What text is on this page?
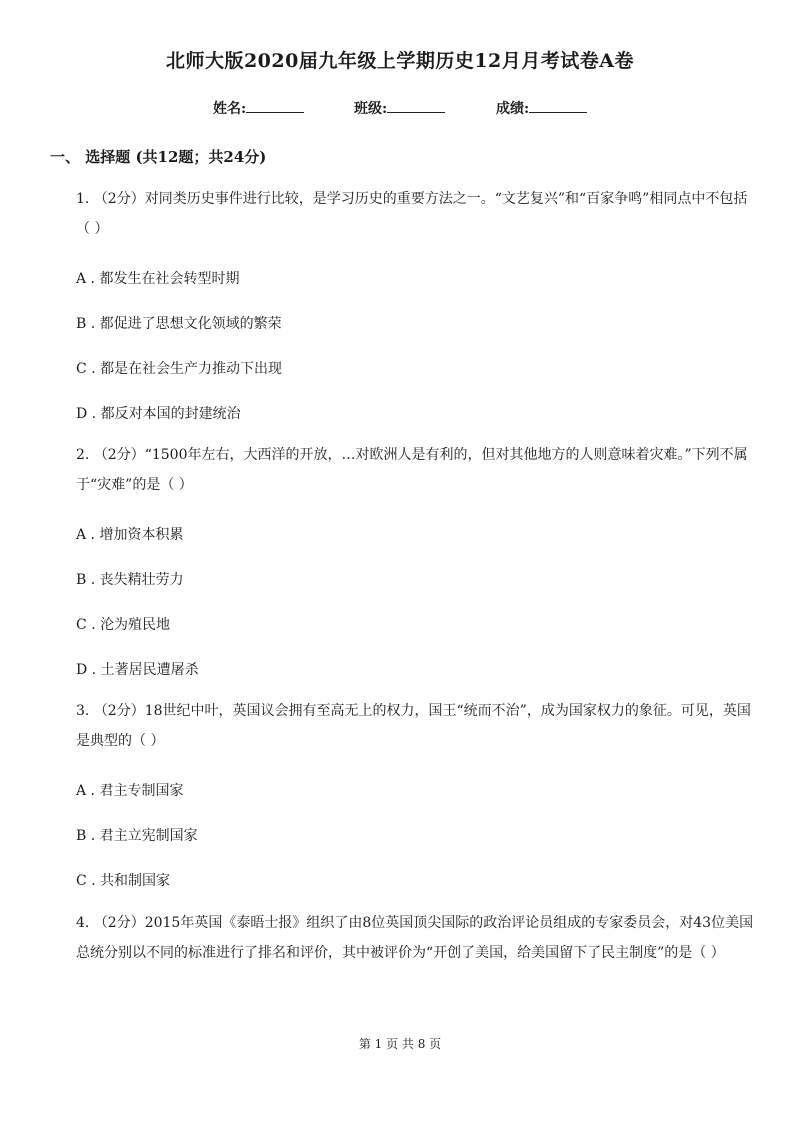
北师大版2020届九年级上学期历史12月月考试卷A卷
姓名:	班级:	成绩:
一、 选择题 (共12题；共24分)
1. （2分）对同类历史事件进行比较，是学习历史的重要方法之一。“文艺复兴”和“百家争鸣”相同点中不包括（ ）
A . 都发生在社会转型时期
B . 都促进了思想文化领域的繁荣
C . 都是在社会生产力推动下出现
D . 都反对本国的封建统治
2. （2分）“1500年左右，大西洋的开放，…对欧洲人是有利的，但对其他地方的人则意味着灾难。”下列不属于“灾难”的是（ ）
A . 增加资本积累
B . 丧失精壮劳力
C . 沦为殖民地
D . 土著居民遭屠杀
3. （2分）18世纪中叶，英国议会拥有至高无上的权力，国王“统而不治”，成为国家权力的象征。可见，英国是典型的（ ）
A . 君主专制国家
B . 君主立宪制国家
C . 共和制国家
4. （2分）2015年英国《泰晤士报》组织了由8位英国顶尖国际的政治评论员组成的专家委员会，对43位美国总统分别以不同的标准进行了排名和评价，其中被评价为“开创了美国，给美国留下了民主制度”的是（ ）
第 1 页 共 8 页
